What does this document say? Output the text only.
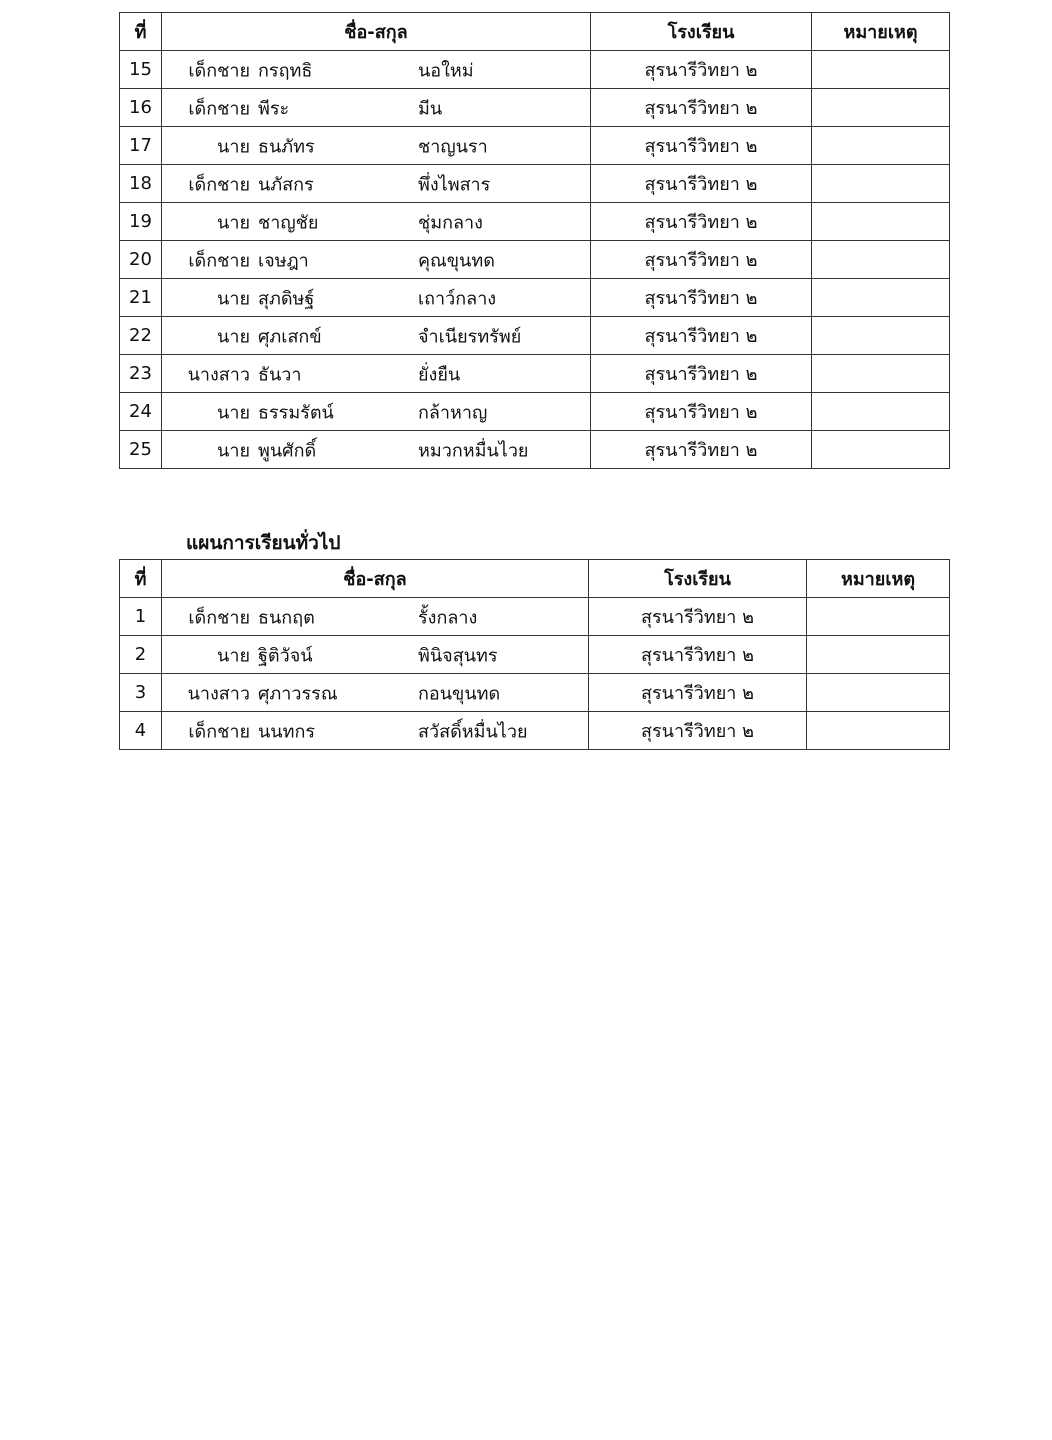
ที่	ชื่อ-สกุล	โรงเรียน	หมายเหตุ
15	เด็กชาย กรฤทธิ นอใหม่	สุรนารีวิทยา ๒	
16	เด็กชาย พีระ มีน	สุรนารีวิทยา ๒	
17	นาย ธนภัทร ชาญนรา	สุรนารีวิทยา ๒	
18	เด็กชาย นภัสกร พึ่งไพสาร	สุรนารีวิทยา ๒	
19	นาย ชาญชัย ชุ่มกลาง	สุรนารีวิทยา ๒	
20	เด็กชาย เจษฎา คุณขุนทด	สุรนารีวิทยา ๒	
21	นาย สุภดิษฐ์ เถาว์กลาง	สุรนารีวิทยา ๒	
22	นาย ศุภเสกข์ จำเนียรทรัพย์	สุรนารีวิทยา ๒	
23	นางสาว ธันวา ยั่งยืน	สุรนารีวิทยา ๒	
24	นาย ธรรมรัตน์ กล้าหาญ	สุรนารีวิทยา ๒	
25	นาย พูนศักดิ์ หมวกหมื่นไวย	สุรนารีวิทยา ๒	
แผนการเรียนทั่วไป
ที่	ชื่อ-สกุล	โรงเรียน	หมายเหตุ
1	เด็กชาย ธนกฤต รั้งกลาง	สุรนารีวิทยา ๒	
2	นาย ฐิติวัจน์ พินิจสุนทร	สุรนารีวิทยา ๒	
3	นางสาว ศุภาวรรณ กอนขุนทด	สุรนารีวิทยา ๒	
4	เด็กชาย นนทกร สวัสดิ์หมื่นไวย	สุรนารีวิทยา ๒	
